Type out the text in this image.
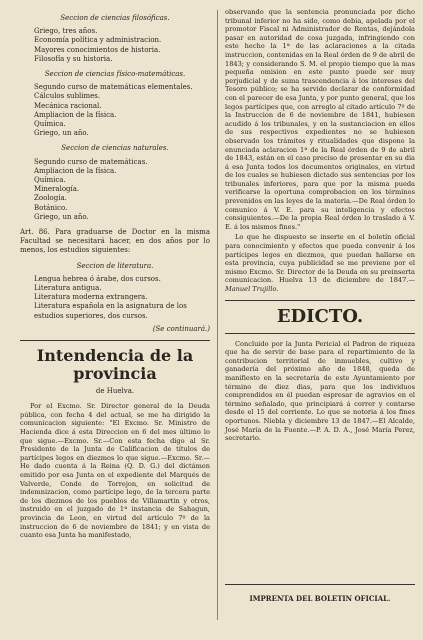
Seccion de ciencias filosóficas.
Griego, tres años.
Economía política y administracion.
Mayores conocimientos de historia.
Filosofía y su historia.
Seccion de ciencias físico-matemáticas.
Segundo curso de matemáticas elementales.
Cálculos sublimes.
Mecánica racional.
Ampliacion de la física.
Química.
Griego, un año.
Seccion de ciencias naturales.
Segundo curso de matemáticas.
Ampliacion de la física.
Química.
Mineralogía.
Zoología.
Botánico.
Griego, un año.
Art. 86. Para graduarse de Doctor en la misma Facultad se necesitará hacer, en dos años por lo menos, los estudios siguientes:
Seccion de literatura.
Lengua hebrea ó árabe, dos cursos.
Literatura antigua.
Literatura moderna extrangera.
Literatura española en la asignatura de los estudios superiores, dos cursos.
(Se continuará.)
Intendencia de la provincia
de Huelva.
Por el Excmo. Sr. Director general de la Deuda pública, con fecha 4 del actual, se me ha dirigido la comunicacion siguiente: "El Excmo. Sr. Ministro de Hacienda dice á esta Direccion en 6 del mes último lo que sigue.—Excmo. Sr.—Con esta fecha digo al Sr. Presidente de la Junta de Calificacion de títulos de partícipes legos en diezmos lo que sigue.—Excmo. Sr.—He dado cuenta á la Reina (Q. D. G.) del dictámen emitido por esa Junta en el expediente del Marqués de Valverde, Conde de Torrejon, en solicitud de indemnizacion, como partícipe lego, de la tercera parte de los diezmos de los pueblos de Villamartin y otros, instruido en el juzgado de 1ª instancia de Sahagun, provincia de Leon, en virtud del artículo 7º de la instruccion de 6 de noviembre de 1841; y en vista de cuanto esa Junta ha manifestado,
observando que la sentencia pronunciada por dicho tribunal inferior no ha sido, como debia, apelada por el promotor Fiscal ni Administrador de Rentas, dejándola pasar en autoridad de cosa juzgada, infringiendo con este hecho la 1ª de las aclaraciones a la citada instruccion, contenidas en la Real órden de 9 de abril de 1843; y considerando S. M. el propio tiempo que la mas pequeña omision en este punto puede ser muy perjudicial y de suma trascendencia á los intereses del Tesoro público; se ha servido declarar de conformidad con el parecer de esa Junta, y por punto general, que los legos partícipes que, con arreglo al citado artículo 7º de la Instruccion de 6 de noviembre de 1841, hubiesen acudido á los tribunales, y en la sustanciacion en ellos de sus respectivos expedientes no se hubiesen observado los trámites y ritualidades que dispone la enunciada aclaracion 1ª de la Real órden de 9 de abril de 1843, están en el caso preciso de presentar en su dia á esa Junta todos los documentos originales, en virtud de los cuales se hubiesen dictado sus sentencias por los tribunales inferiores, para que por la misma pueda verificarse la oportuna comprobacion en los términos prevenidos en las leyes de la materia.—De Real órden lo comunico á V. E. para su inteligencia y efectos consiguientes.—De la propia Real órden lo traslado á V. E. á los mismos fines."
Lo que he dispuesto se inserte en el boletín oficial para conocimiento y efectos que pueda convenir á los partícipes legos en diezmos, que puedan hallarse en esta provincia, cuya publicidad se me previene por el mismo Excmo. Sr. Director de la Deuda en su preinserta comunicacion. Huelva 13 de diciembre de 1847.—Manuel Trujillo.
EDICTO.
Concluido por la Junta Pericial el Padron de riqueza que ha de servir de base para el repartimiento de la contribucion territorial de inmuebles, cultivo y ganadería del próximo año de 1848, queda de manifiesto en la secretaría de este Ayuntamiento por término de diez dias, para que los individuos comprendidos en él puedan espresar de agravios en el término señalado, que principiará á correr y contarse desde el 15 del corriente. Lo que se notoria á los fines oportunos. Niebla y diciembre 13 de 1847.—El Alcalde, José María de la Fuente.—P. A. D. A., José María Perez, secretario.
IMPRENTA DEL BOLETIN OFICIAL.
